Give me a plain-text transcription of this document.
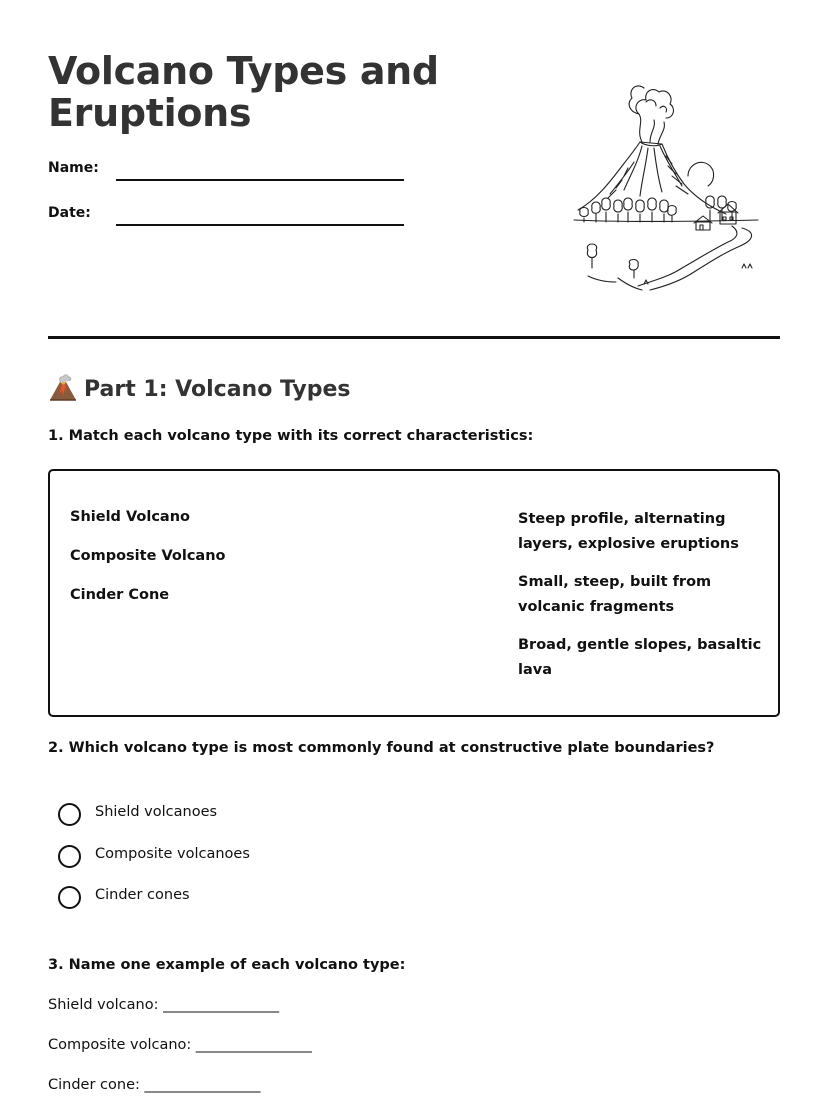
Volcano Types and Eruptions
Name:
Date:
Part 1: Volcano Types

1. Match each volcano type with its correct characteristics:

Shield Volcano
Composite Volcano
Cinder Cone
Steep profile, alternating layers, explosive eruptions
Small, steep, built from volcanic fragments
Broad, gentle slopes, basaltic lava

2. Which volcano type is most commonly found at constructive plate boundaries?

Shield volcanoes
Composite volcanoes
Cinder cones

3. Name one example of each volcano type:

Shield volcano: ________________
Composite volcano: ________________
Cinder cone: ________________
